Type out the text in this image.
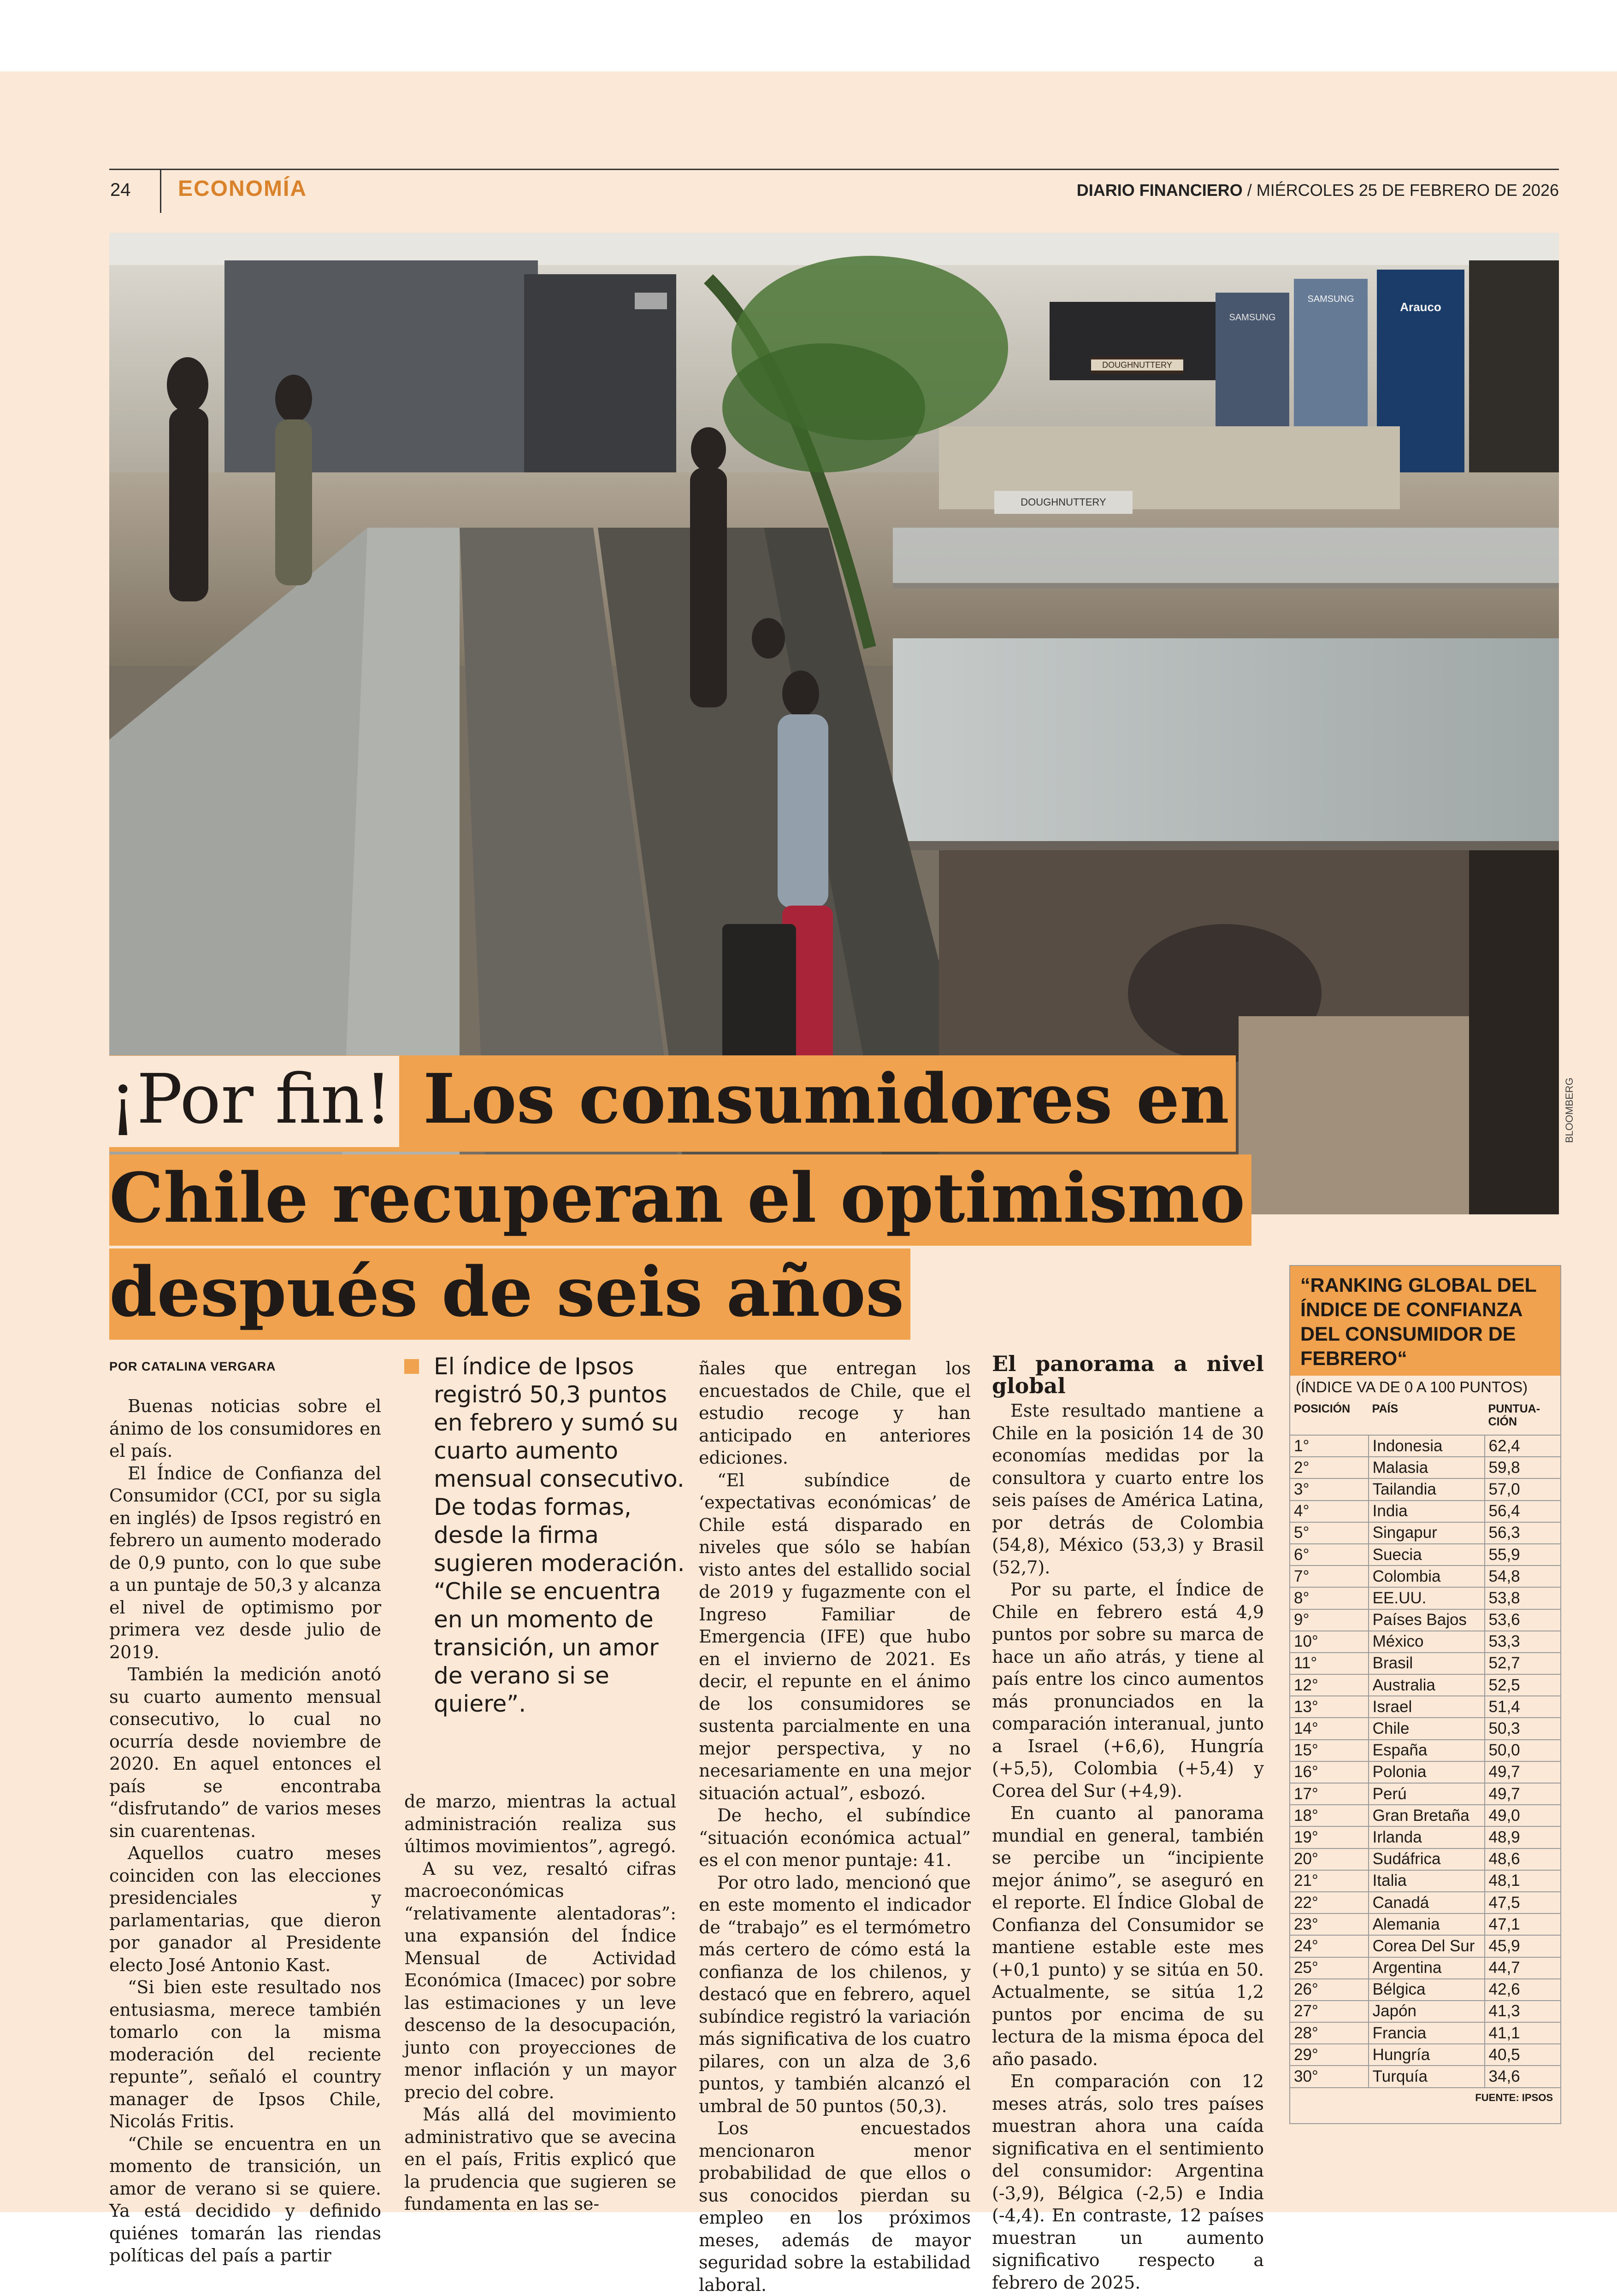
24	ECONOMÍA	DIARIO FINANCIERO / MIÉRCOLES 25 DE FEBRERO DE 2026
DOUGHNUTTERY
SAMSUNG
SAMSUNG
Arauco
DOUGHNUTTERY
BLOOMBERG
¡Por fin! Los consumidores en
Chile recuperan el optimismo
después de seis años
POR CATALINA VERGARA

Buenas noticias sobre el ánimo de los consumidores en el país.

El Índice de Confianza del Consumidor (CCI, por su sigla en inglés) de Ipsos registró en febrero un aumento moderado de 0,9 punto, con lo que sube a un puntaje de 50,3 y alcanza el nivel de optimismo por primera vez desde julio de 2019.

También la medición anotó su cuarto aumento mensual consecutivo, lo cual no ocurría desde noviembre de 2020. En aquel entonces el país se encontraba “disfrutando” de varios meses sin cuarentenas.

Aquellos cuatro meses coinciden con las elecciones presidenciales y parlamentarias, que dieron por ganador al Presidente electo José Antonio Kast.

“Si bien este resultado nos entusiasma, merece también tomarlo con la misma moderación del reciente repunte”, señaló el country manager de Ipsos Chile, Nicolás Fritis.

“Chile se encuentra en un momento de transición, un amor de verano si se quiere. Ya está decidido y definido quiénes tomarán las riendas políticas del país a partir

El índice de Ipsos registró 50,3 puntos en febrero y sumó su cuarto aumento mensual consecutivo. De todas formas, desde la firma sugieren moderación. “Chile se encuentra en un momento de transición, un amor de verano si se quiere”.

de marzo, mientras la actual administración realiza sus últimos movimientos”, agregó.

A su vez, resaltó cifras macroeconómicas “relativamente alentadoras”: una expansión del Índice Mensual de Actividad Económica (Imacec) por sobre las estimaciones y un leve descenso de la desocupación, junto con proyecciones de menor inflación y un mayor precio del cobre.

Más allá del movimiento administrativo que se avecina en el país, Fritis explicó que la prudencia que sugieren se fundamenta en las se-

ñales que entregan los encuestados de Chile, que el estudio recoge y han anticipado en anteriores ediciones.

“El subíndice de ‘expectativas económicas’ de Chile está disparado en niveles que sólo se habían visto antes del estallido social de 2019 y fugazmente con el Ingreso Familiar de Emergencia (IFE) que hubo en el invierno de 2021. Es decir, el repunte en el ánimo de los consumidores se sustenta parcialmente en una mejor perspectiva, y no necesariamente en una mejor situación actual”, esbozó.

De hecho, el subíndice “situación económica actual” es el con menor puntaje: 41.

Por otro lado, mencionó que en este momento el indicador de “trabajo” es el termómetro más certero de cómo está la confianza de los chilenos, y destacó que en febrero, aquel subíndice registró la variación más significativa de los cuatro pilares, con un alza de 3,6 puntos, y también alcanzó el umbral de 50 puntos (50,3).

Los encuestados mencionaron menor probabilidad de que ellos o sus conocidos pierdan su empleo en los próximos meses, además de mayor seguridad sobre la estabilidad laboral.

El panorama a nivel global

Este resultado mantiene a Chile en la posición 14 de 30 economías medidas por la consultora y cuarto entre los seis países de América Latina, por detrás de Colombia (54,8), México (53,3) y Brasil (52,7).

Por su parte, el Índice de Chile en febrero está 4,9 puntos por sobre su marca de hace un año atrás, y tiene al país entre los cinco aumentos más pronunciados en la comparación interanual, junto a Israel (+6,6), Hungría (+5,5), Colombia (+5,4) y Corea del Sur (+4,9).

En cuanto al panorama mundial en general, también se percibe un “incipiente mejor ánimo”, se aseguró en el reporte. El Índice Global de Confianza del Consumidor se mantiene estable este mes (+0,1 punto) y se sitúa en 50. Actualmente, se sitúa 1,2 puntos por encima de su lectura de la misma época del año pasado.

En comparación con 12 meses atrás, solo tres países muestran ahora una caída significativa en el sentimiento del consumidor: Argentina (-3,9), Bélgica (-2,5) e India (-4,4). En contraste, 12 países muestran un aumento significativo respecto a febrero de 2025.

“RANKING GLOBAL DEL ÍNDICE DE CONFIANZA DEL CONSUMIDOR DE FEBRERO“
(ÍNDICE VA DE 0 A 100 PUNTOS)
POSICIÓN	PAÍS	PUNTUA- CIÓN
1°	Indonesia	62,4
2°	Malasia	59,8
3°	Tailandia	57,0
4°	India	56,4
5°	Singapur	56,3
6°	Suecia	55,9
7°	Colombia	54,8
8°	EE.UU.	53,8
9°	Países Bajos	53,6
10°	México	53,3
11°	Brasil	52,7
12°	Australia	52,5
13°	Israel	51,4
14°	Chile	50,3
15°	España	50,0
16°	Polonia	49,7
17°	Perú	49,7
18°	Gran Bretaña	49,0
19°	Irlanda	48,9
20°	Sudáfrica	48,6
21°	Italia	48,1
22°	Canadá	47,5
23°	Alemania	47,1
24°	Corea Del Sur	45,9
25°	Argentina	44,7
26°	Bélgica	42,6
27°	Japón	41,3
28°	Francia	41,1
29°	Hungría	40,5
30°	Turquía	34,6
FUENTE: IPSOS
